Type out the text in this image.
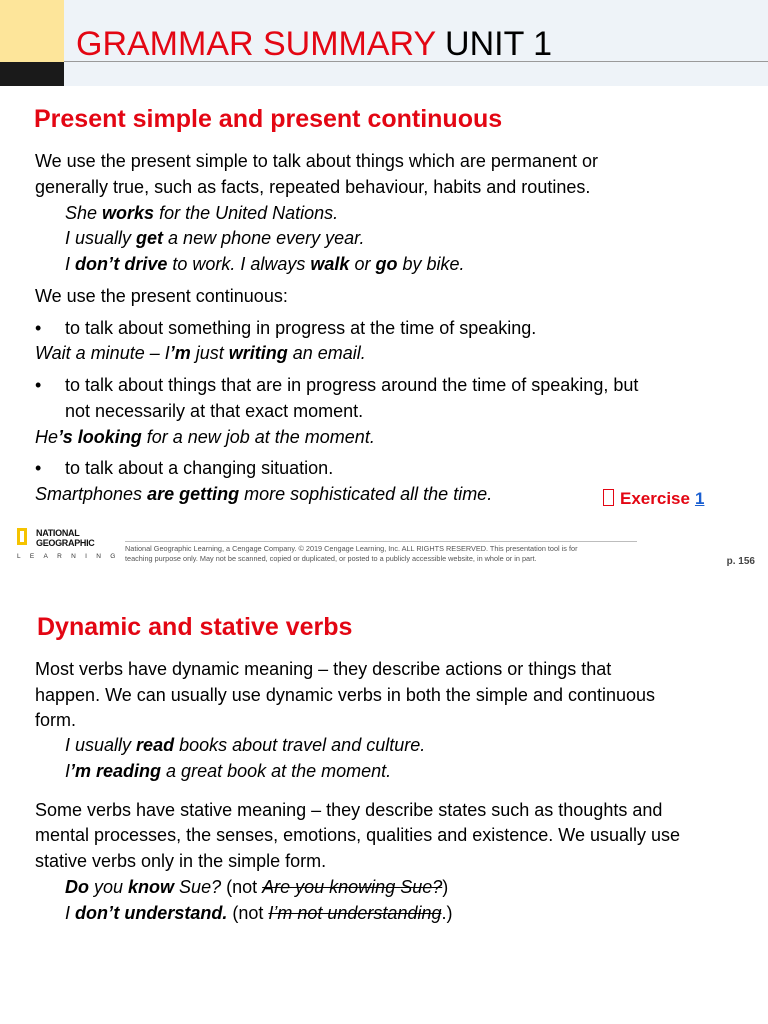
GRAMMAR SUMMARY UNIT 1
Present simple and present continuous
We use the present simple to talk about things which are permanent or
generally true, such as facts, repeated behaviour, habits and routines.
She works for the United Nations.
I usually get a new phone every year.
I don’t drive to work. I always walk or go by bike.
We use the present continuous:
• to talk about something in progress at the time of speaking.
Wait a minute – I’m just writing an email.
• to talk about things that are in progress around the time of speaking, but
not necessarily at that exact moment.
He’s looking for a new job at the moment.
• to talk about a changing situation.
Smartphones are getting more sophisticated all the time.	Exercise 1
NATIONAL
GEOGRAPHIC
LEARNING
National Geographic Learning, a Cengage Company. © 2019 Cengage Learning, Inc. ALL RIGHTS RESERVED. This presentation tool is for
teaching purpose only. May not be scanned, copied or duplicated, or posted to a publicly accessible website, in whole or in part.	p. 156
Dynamic and stative verbs
Most verbs have dynamic meaning – they describe actions or things that
happen. We can usually use dynamic verbs in both the simple and continuous
form.
I usually read books about travel and culture.
I’m reading a great book at the moment.
Some verbs have stative meaning – they describe states such as thoughts and
mental processes, the senses, emotions, qualities and existence. We usually use
stative verbs only in the simple form.
Do you know Sue? (not Are you knowing Sue?)
I don’t understand. (not I’m not understanding.)
